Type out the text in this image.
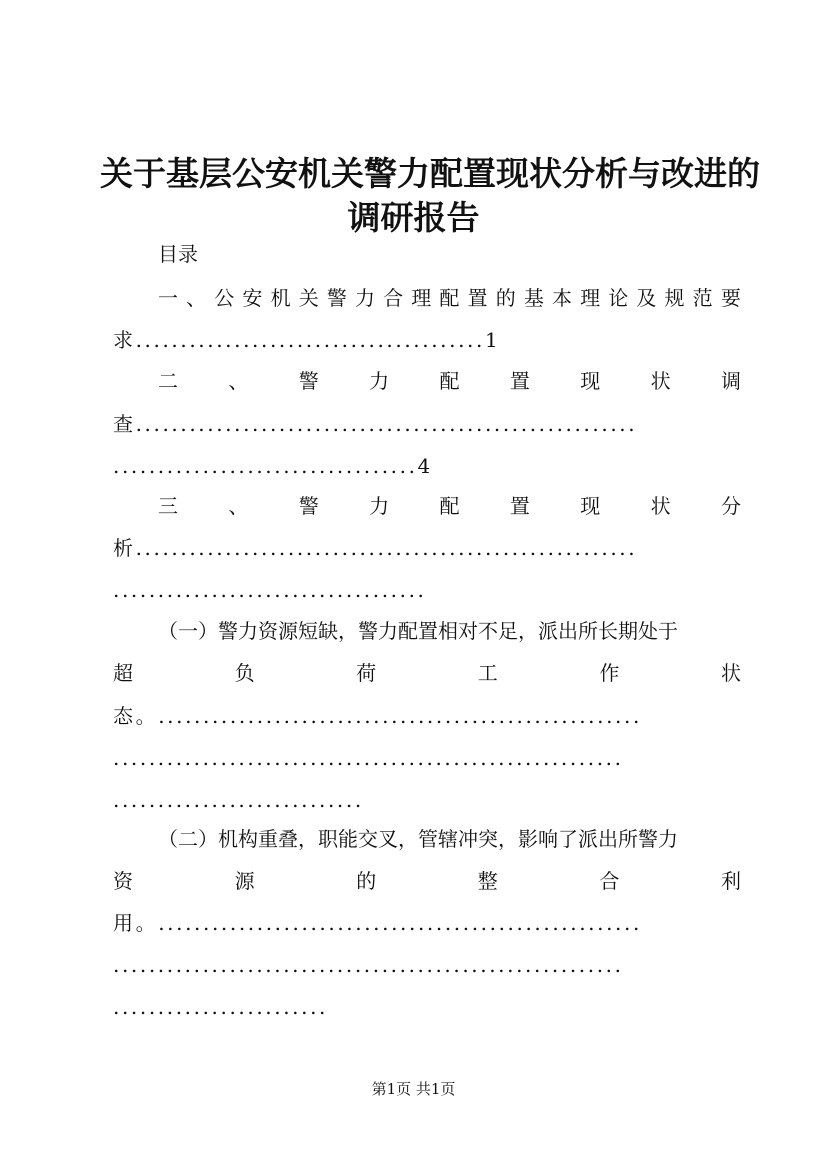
关于基层公安机关警力配置现状分析与改进的
调研报告
目录
一 、 公 安 机 关 警 力 合 理 配 置 的 基 本 理 论 及 规 范 要
求.......................................1
二	、	警	力	配	置	现	状	调
查........................................................
..................................4
三	、	警	力	配	置	现	状	分
析........................................................
...................................
（一）警力资源短缺，警力配置相对不足，派出所长期处于
超	负	荷	工	作	状
态。......................................................
.........................................................
............................
（二）机构重叠，职能交叉，管辖冲突，影响了派出所警力
资	源	的	整	合	利
用。......................................................
.........................................................
........................
第1页 共1页
